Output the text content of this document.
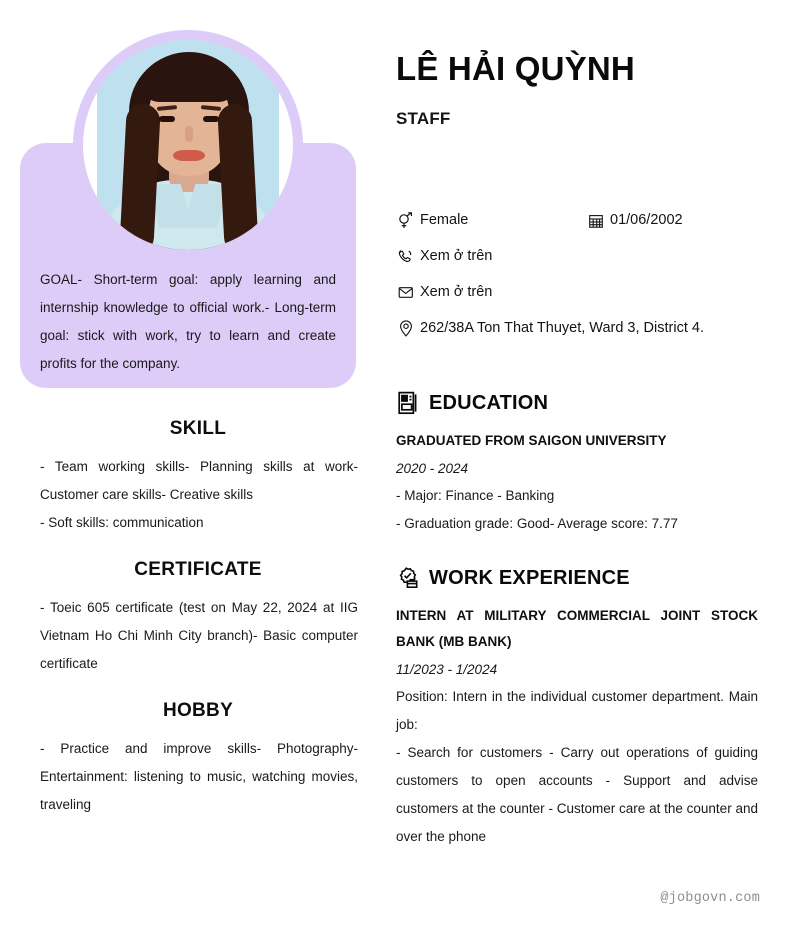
GOAL- Short-term goal: apply learning and internship knowledge to official work.- Long-term goal: stick with work, try to learn and create profits for the company.
SKILL

- Team working skills- Planning skills at work- Customer care skills- Creative skills

- Soft skills: communication

CERTIFICATE

- Toeic 605 certificate (test on May 22, 2024 at IIG Vietnam Ho Chi Minh City branch)- Basic computer certificate

HOBBY

- Practice and improve skills- Photography- Entertainment: listening to music, watching movies, traveling

LÊ HẢI QUỲNH
STAFF
Female	01/06/2002
Xem ở trên
Xem ở trên
262/38A Ton That Thuyet, Ward 3, District 4.
EDUCATION
GRADUATED FROM SAIGON UNIVERSITY
2020 - 2024

- Major: Finance - Banking

- Graduation grade: Good- Average score: 7.77

WORK EXPERIENCE
INTERN AT MILITARY COMMERCIAL JOINT STOCK BANK (MB BANK)
11/2023 - 1/2024

Position: Intern in the individual customer department. Main job:

- Search for customers - Carry out operations of guiding customers to open accounts - Support and advise customers at the counter - Customer care at the counter and over the phone

@jobgovn.com
